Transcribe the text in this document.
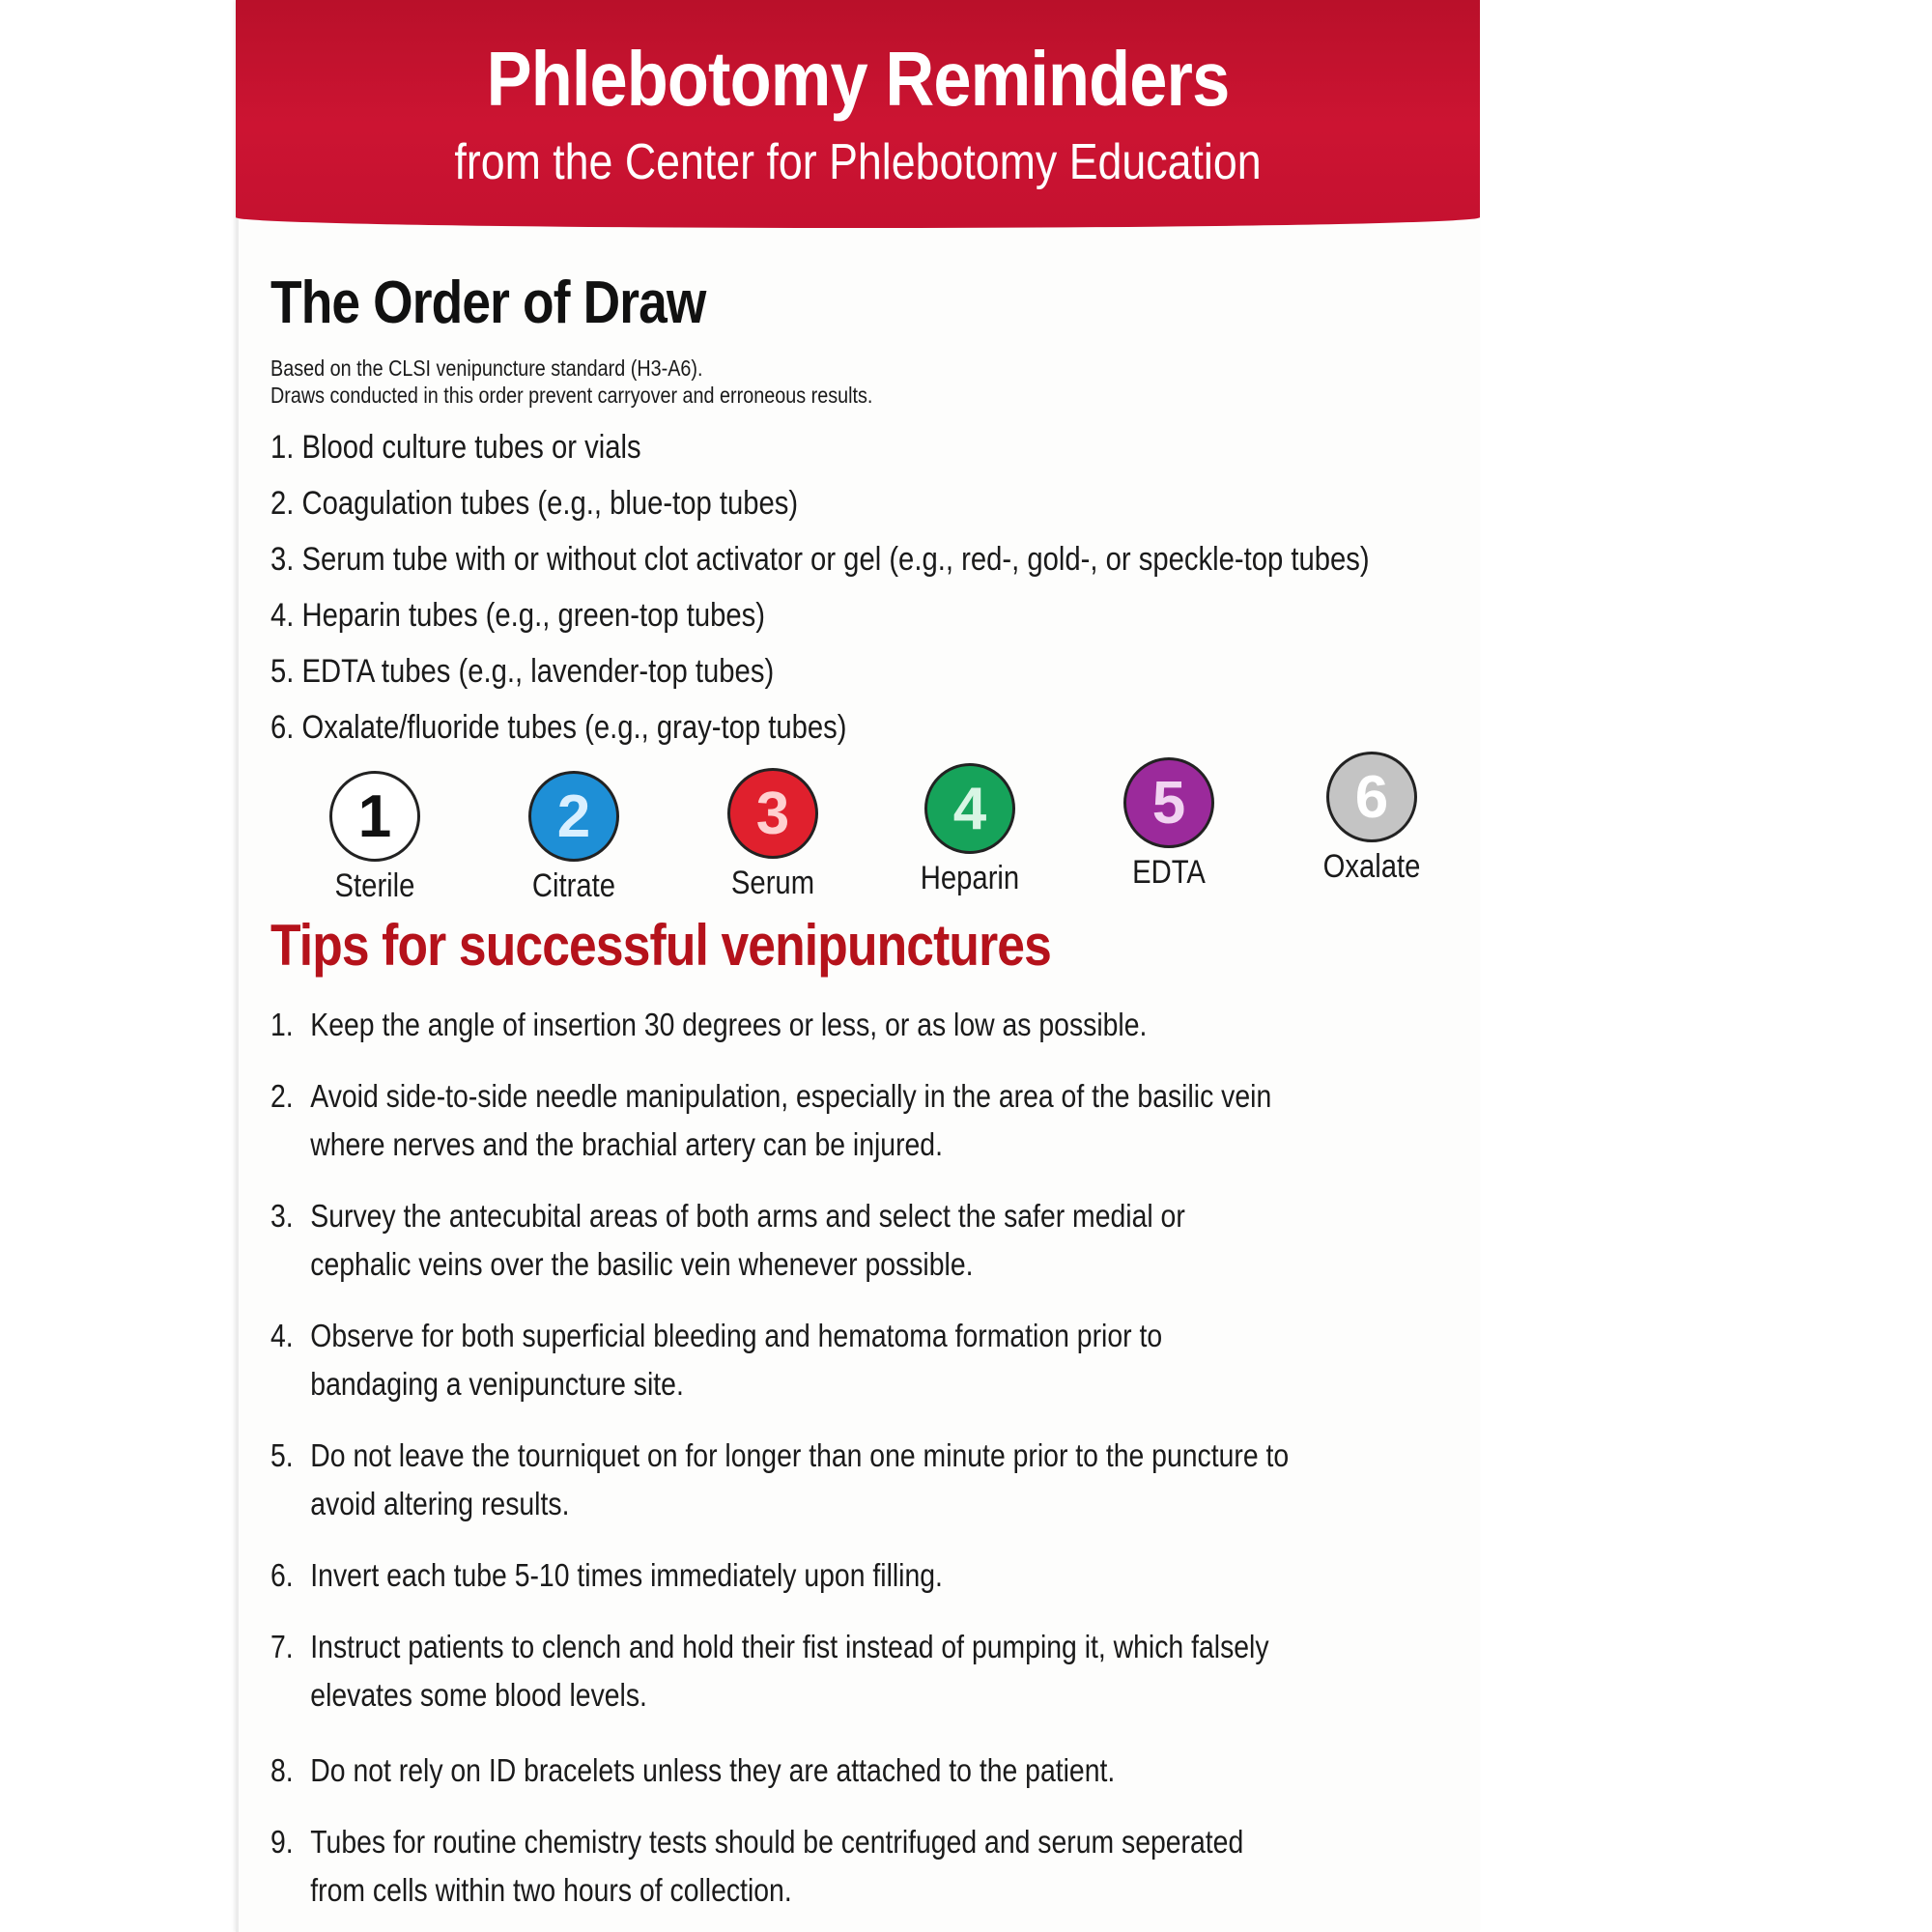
Phlebotomy Reminders
from the Center for Phlebotomy Education
The Order of Draw
Based on the CLSI venipuncture standard (H3-A6).
Draws conducted in this order prevent carryover and erroneous results.
1. Blood culture tubes or vials
2. Coagulation tubes (e.g., blue-top tubes)
3. Serum tube with or without clot activator or gel (e.g., red-, gold-, or speckle-top tubes)
4. Heparin tubes (e.g., green-top tubes)
5. EDTA tubes (e.g., lavender-top tubes)
6. Oxalate/fluoride tubes (e.g., gray-top tubes)
1
Sterile
2
Citrate
3
Serum
4
Heparin
5
EDTA
6
Oxalate
Tips for successful venipunctures
1. Keep the angle of insertion 30 degrees or less, or as low as possible.
2. Avoid side-to-side needle manipulation, especially in the area of the basilic vein where nerves and the brachial artery can be injured.
3. Survey the antecubital areas of both arms and select the safer medial or cephalic veins over the basilic vein whenever possible.
4. Observe for both superficial bleeding and hematoma formation prior to bandaging a venipuncture site.
5. Do not leave the tourniquet on for longer than one minute prior to the puncture to avoid altering results.
6. Invert each tube 5-10 times immediately upon filling.
7. Instruct patients to clench and hold their fist instead of pumping it, which falsely elevates some blood levels.
8. Do not rely on ID bracelets unless they are attached to the patient.
9. Tubes for routine chemistry tests should be centrifuged and serum seperated from cells within two hours of collection.
